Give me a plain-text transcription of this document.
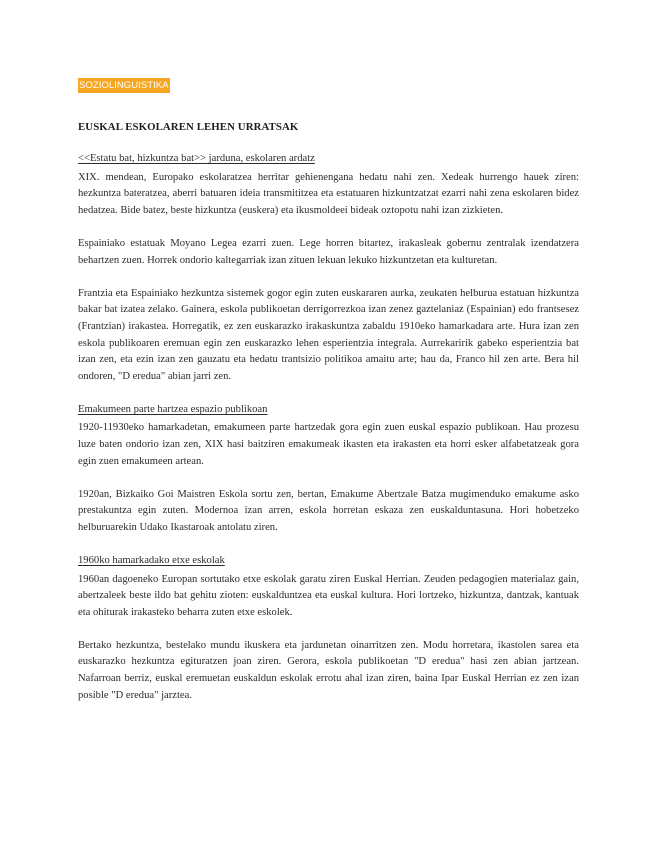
SOZIOLINGUISTIKA
EUSKAL ESKOLAREN LEHEN URRATSAK
<<Estatu bat, hizkuntza bat>> jarduna, eskolaren ardatz

XIX. mendean, Europako eskolaratzea herritar gehienengana hedatu nahi zen. Xedeak hurrengo hauek ziren: hezkuntza bateratzea, aberri batuaren ideia transmititzea eta estatuaren hizkuntzatzat ezarri nahi zena eskolaren bidez hedatzea. Bide batez, beste hizkuntza (euskera) eta ikusmoldeei bideak oztopotu nahi izan zizkieten.

Espainiako estatuak Moyano Legea ezarri zuen. Lege horren bitartez, irakasleak gobernu zentralak izendatzera behartzen zuen. Horrek ondorio kaltegarriak izan zituen lekuan lekuko hizkuntzetan eta kulturetan.

Frantzia eta Espainiako hezkuntza sistemek gogor egin zuten euskararen aurka, zeukaten helburua estatuan hizkuntza bakar bat izatea zelako. Gainera, eskola publikoetan derrigorrezkoa izan zenez gaztelaniaz (Espainian) edo frantsesez (Frantzian) irakastea. Horregatik, ez zen euskarazko irakaskuntza zabaldu 1910eko hamarkadara arte. Hura izan zen eskola publikoaren eremuan egin zen euskarazko lehen esperientzia integrala. Aurrekaririk gabeko esperientzia bat izan zen, eta ezin izan zen gauzatu eta hedatu trantsizio politikoa amaitu arte; hau da, Franco hil zen arte. Bera hil ondoren, "D eredua" abian jarri zen.

Emakumeen parte hartzea espazio publikoan

1920-11930eko hamarkadetan, emakumeen parte hartzedak gora egin zuen euskal espazio publikoan. Hau prozesu luze baten ondorio izan zen, XIX hasi baitziren emakumeak ikasten eta irakasten eta horri esker alfabetatzeak gora egin zuen emakumeen artean.

1920an, Bizkaiko Goi Maistren Eskola sortu zen, bertan, Emakume Abertzale Batza mugimenduko emakume asko prestakuntza egin zuten. Modernoa izan arren, eskola horretan eskaza zen euskalduntasuna. Hori hobetzeko helburuarekin Udako Ikastaroak antolatu ziren.

1960ko hamarkadako etxe eskolak

1960an dagoeneko Europan sortutako etxe eskolak garatu ziren Euskal Herrian. Zeuden pedagogien materialaz gain, abertzaleek beste ildo bat gehitu zioten: euskalduntzea eta euskal kultura. Hori lortzeko, hizkuntza, dantzak, kantuak eta ohiturak irakasteko beharra zuten etxe eskolek.

Bertako hezkuntza, bestelako mundu ikuskera eta jardunetan oinarritzen zen. Modu horretara, ikastolen sarea eta euskarazko hezkuntza egituratzen joan ziren. Gerora, eskola publikoetan "D eredua" hasi zen abian jartzean. Nafarroan berriz, euskal eremuetan euskaldun eskolak errotu ahal izan ziren, baina Ipar Euskal Herrian ez zen izan posible "D eredua" jarztea.
